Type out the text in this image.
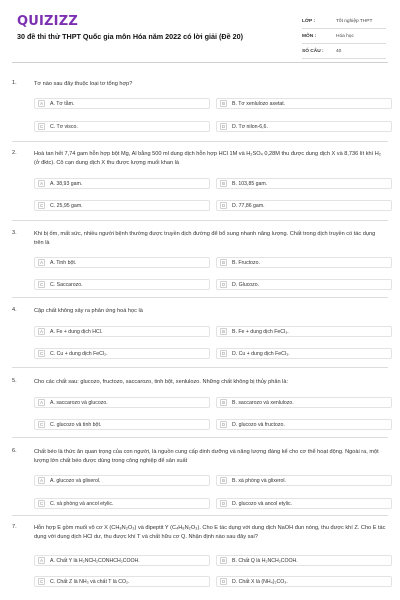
QUIZIZZ
30 đề thi thử THPT Quốc gia môn Hóa năm 2022 có lời giải (Đề 20)
LỚP :	Tốt nghiệp THPT
MÔN :	Hóa học
SỐ CÂU :	40
1.	Tơ nào sau đây thuộc loại tơ tổng hợp?
A	A. Tơ tằm.	B	B. Tơ xenlulozo axetat.
C	C. Tơ visco.	D	D. Tơ nilon-6,6.
2.	Hoà tan hết 7,74 gam hỗn hợp bột Mg, Al bằng 500 ml dung dịch hỗn hợp HCl 1M và H₂SO₄ 0,28M thu được dung dịch X và 8,736 lít khí H₂ (ở đktc). Cô cạn dung dịch X thu được lượng muối khan là
A	A. 38,93 gam.	B	B. 103,85 gam.
C	C. 25,95 gam.	D	D. 77,86 gam.
3.	Khi bị ốm, mất sức, nhiều người bệnh thường được truyền dịch đường để bổ sung nhanh năng lượng. Chất trong dịch truyền có tác dụng trên là
A	A. Tinh bột.	B	B. Fructozo.
C	C. Saccarozo.	D	D. Glucozo.
4.	Cặp chất không xảy ra phản ứng hoá học là
A	A. Fe + dung dịch HCl.	B	B. Fe + dung dịch FeCl₃.
C	C. Cu + dung dịch FeCl₂.	D	D. Cu + dung dịch FeCl₃.
5.	Cho các chất sau: glucozo, fructozo, saccarozo, tinh bột, xenlulozo. Những chất không bị thủy phân là:
A	A. saccarozo và glucozo.	B	B. saccarozo và xenlulozo.
C	C. glucozo và tinh bột.	D	D. glucozo và fructozo.
6.	Chất béo là thức ăn quan trọng của con người, là nguồn cung cấp dinh dưỡng và năng lượng đáng kể cho cơ thể hoạt động. Ngoài ra, một lượng lớn chất béo được dùng trong công nghiệp để sản xuất
A	A. glucozo và glixerol.	B	B. xà phòng và glixerol.
C	C. xà phòng và ancol etylic.	D	D. glucozo và ancol etylic.
7.	Hỗn hợp E gồm muối vô cơ X (CH₈N₂O₃) và đipeptit Y (C₄H₈N₂O₃). Cho E tác dụng với dung dịch NaOH đun nóng, thu được khí Z. Cho E tác dụng với dung dịch HCl dư, thu được khí T và chất hữu cơ Q. Nhận định nào sau đây sai?
A	A. Chất Y là H₂NCH₂CONHCH₂COOH.	B	B. Chất Q là H₂NCH₂COOH.
C	C. Chất Z là NH₃ và chất T là CO₂.	D	D. Chất X là (NH₄)₂CO₃.
